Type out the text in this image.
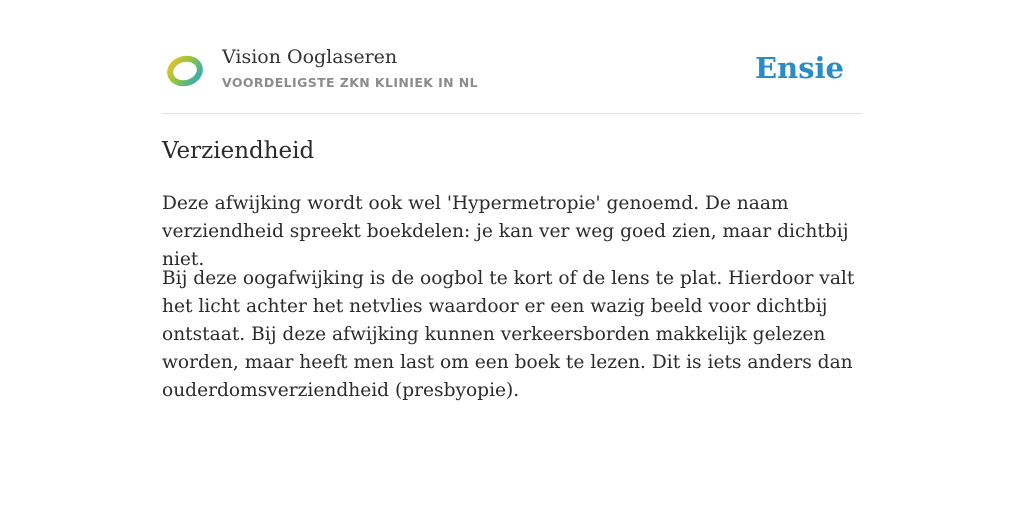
Vision Ooglaseren
VOORDELIGSTE ZKN KLINIEK IN NL	Ensie
Verziendheid

Deze afwijking wordt ook wel 'Hypermetropie' genoemd. De naam verziendheid spreekt boekdelen: je kan ver weg goed zien, maar dichtbij niet.

Bij deze oogafwijking is de oogbol te kort of de lens te plat. Hierdoor valt het licht achter het netvlies waardoor er een wazig beeld voor dichtbij ontstaat. Bij deze afwijking kunnen verkeersborden makkelijk gelezen worden, maar heeft men last om een boek te lezen. Dit is iets anders dan ouderdomsverziendheid (presbyopie).
